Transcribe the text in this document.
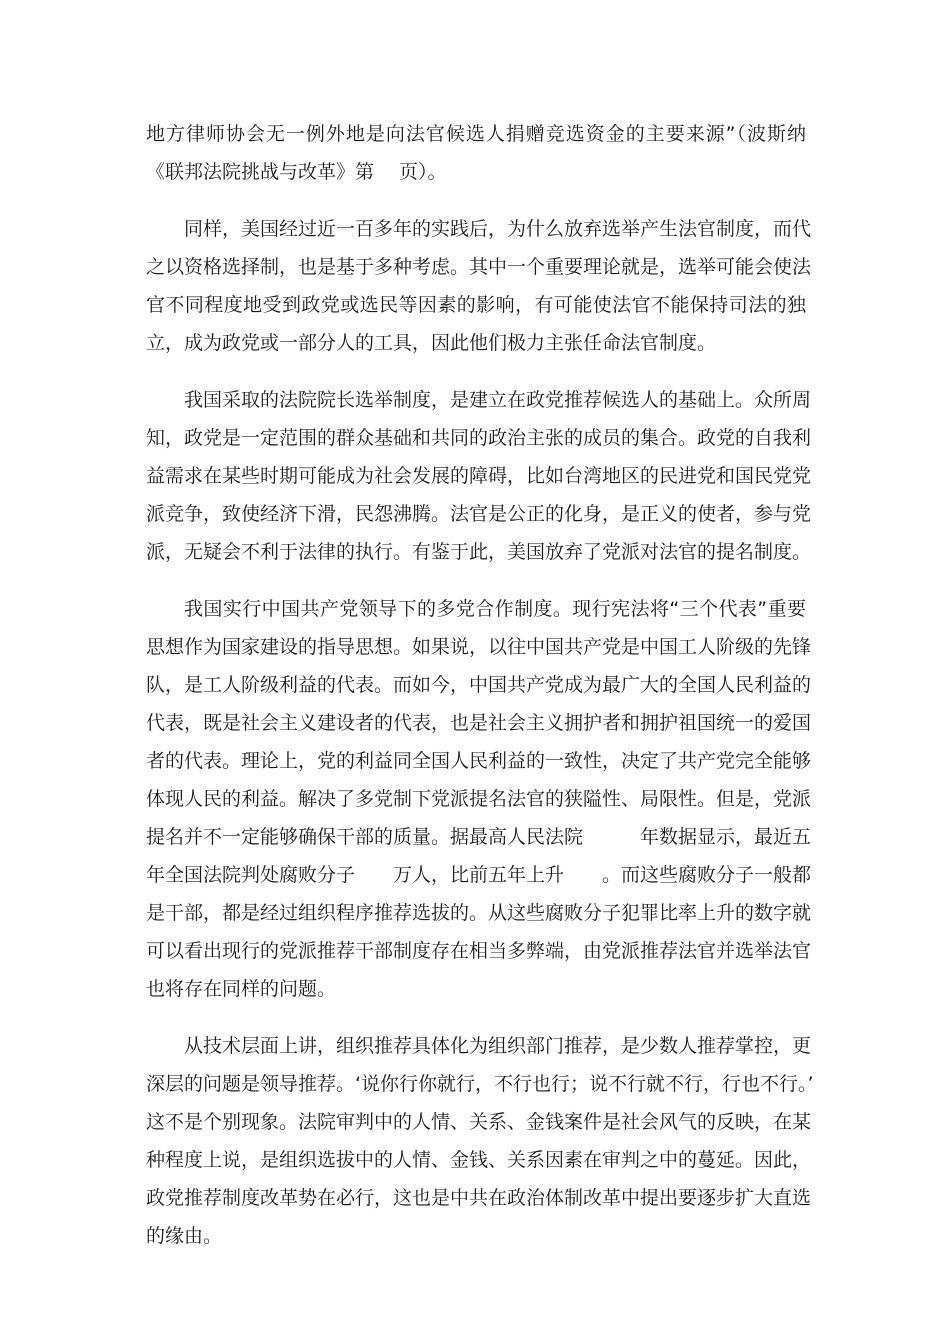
地方律师协会无一例外地是向法官候选人捐赠竞选资金的主要来源”（波斯纳
《联邦法院挑战与改革》第　 页）。
同样，美国经过近一百多年的实践后，为什么放弃选举产生法官制度，而代
之以资格选择制，也是基于多种考虑。其中一个重要理论就是，选举可能会使法
官不同程度地受到政党或选民等因素的影响，有可能使法官不能保持司法的独
立，成为政党或一部分人的工具，因此他们极力主张任命法官制度。
我国采取的法院院长选举制度，是建立在政党推荐候选人的基础上。众所周
知，政党是一定范围的群众基础和共同的政治主张的成员的集合。政党的自我利
益需求在某些时期可能成为社会发展的障碍，比如台湾地区的民进党和国民党党
派竞争，致使经济下滑，民怨沸腾。法官是公正的化身，是正义的使者，参与党
派，无疑会不利于法律的执行。有鉴于此，美国放弃了党派对法官的提名制度。
我国实行中国共产党领导下的多党合作制度。现行宪法将“三个代表”重要
思想作为国家建设的指导思想。如果说，以往中国共产党是中国工人阶级的先锋
队，是工人阶级利益的代表。而如今，中国共产党成为最广大的全国人民利益的
代表，既是社会主义建设者的代表，也是社会主义拥护者和拥护祖国统一的爱国
者的代表。理论上，党的利益同全国人民利益的一致性，决定了共产党完全能够
体现人民的利益。解决了多党制下党派提名法官的狭隘性、局限性。但是，党派
提名并不一定能够确保干部的质量。据最高人民法院　　　年数据显示，最近五
年全国法院判处腐败分子　　万人，比前五年上升　　。而这些腐败分子一般都
是干部，都是经过组织程序推荐选拔的。从这些腐败分子犯罪比率上升的数字就
可以看出现行的党派推荐干部制度存在相当多弊端，由党派推荐法官并选举法官
也将存在同样的问题。
从技术层面上讲，组织推荐具体化为组织部门推荐，是少数人推荐掌控，更
深层的问题是领导推荐。‘说你行你就行，不行也行；说不行就不行，行也不行。’
这不是个别现象。法院审判中的人情、关系、金钱案件是社会风气的反映，在某
种程度上说，是组织选拔中的人情、金钱、关系因素在审判之中的蔓延。因此，
政党推荐制度改革势在必行，这也是中共在政治体制改革中提出要逐步扩大直选
的缘由。
